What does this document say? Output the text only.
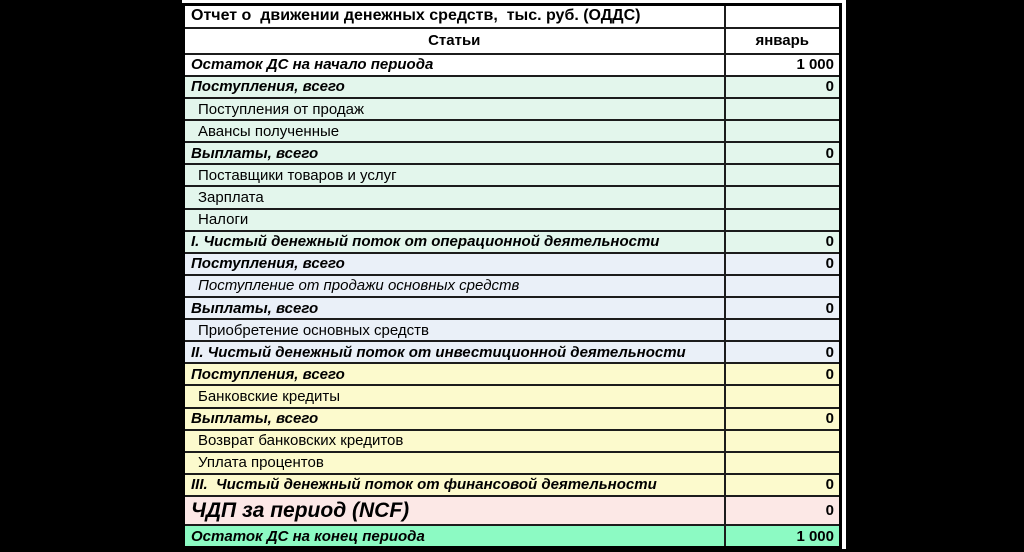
Отчет о  движении денежных средств,  тыс. руб. (ОДДС)	
Статьи	январь
Остаток ДС на начало периода	1 000
Поступления, всего	0
Поступления от продаж	
Авансы полученные	
Выплаты, всего	0
Поставщики товаров и услуг	
Зарплата	
Налоги	
I. Чистый денежный поток от операционной деятельности	0
Поступления, всего	0
Поступление от продажи основных средств	
Выплаты, всего	0
Приобретение основных средств	
II. Чистый денежный поток от инвестиционной деятельности	0
Поступления, всего	0
Банковские кредиты	
Выплаты, всего	0
Возврат банковских кредитов	
Уплата процентов	
III.  Чистый денежный поток от финансовой деятельности	0
ЧДП за период (NCF)	0
Остаток ДС на конец периода	1 000
